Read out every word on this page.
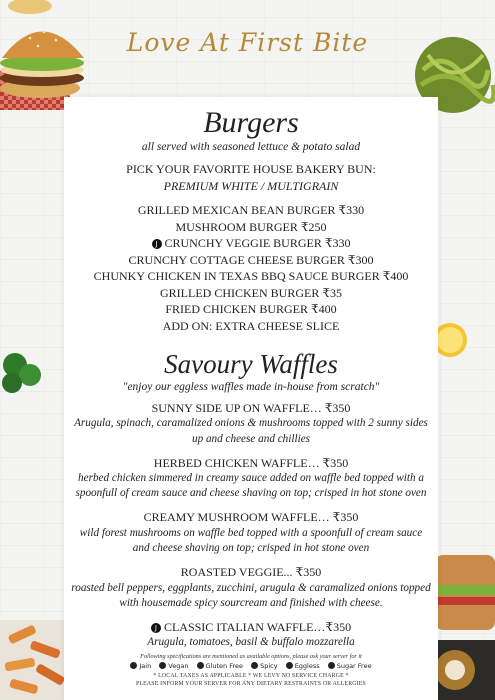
Love At First Bite
Burgers
all served with seasoned lettuce & potato salad
PICK YOUR FAVORITE HOUSE BAKERY BUN:
PREMIUM WHITE / MULTIGRAIN
GRILLED MEXICAN BEAN BURGER ₹330
MUSHROOM BURGER ₹250
J CRUNCHY VEGGIE BURGER ₹330
CRUNCHY COTTAGE CHEESE BURGER ₹300
CHUNKY CHICKEN IN TEXAS BBQ SAUCE BURGER ₹400
GRILLED CHICKEN BURGER ₹35
FRIED CHICKEN BURGER ₹400
ADD ON: EXTRA CHEESE SLICE
Savoury Waffles
"enjoy our eggless waffles made in-house from scratch"
SUNNY SIDE UP ON WAFFLE… ₹350
Arugula, spinach, caramalized onions & mushrooms topped with 2 sunny sides up and cheese and chillies
HERBED CHICKEN WAFFLE… ₹350
herbed chicken simmered in creamy sauce added on waffle bed topped with a spoonfull of cream sauce and cheese shaving on top; crisped in hot stone oven
CREAMY MUSHROOM WAFFLE… ₹350
wild forest mushrooms on waffle bed topped with a spoonfull of cream sauce and cheese shaving on top; crisped in hot stone oven
ROASTED VEGGIE... ₹350
roasted bell peppers, eggplants, zucchini, arugula & caramalized onions topped with housemade spicy sourcream and finished with cheese.
J CLASSIC ITALIAN WAFFLE…₹350
Arugula, tomatoes, basil & buffalo mozzarella
Following specifications are mentioned as available options, please ask your server for it
Jain	Vegan	Gluten Free	Spicy	Eggless	Sugar Free
* LOCAL TAXES AS APPLICABLE * WE LEVY NO SERVICE CHARGE *
PLEASE INFORM YOUR SERVER FOR ANY DIETARY RESTRAINTS OR ALLERGIES
